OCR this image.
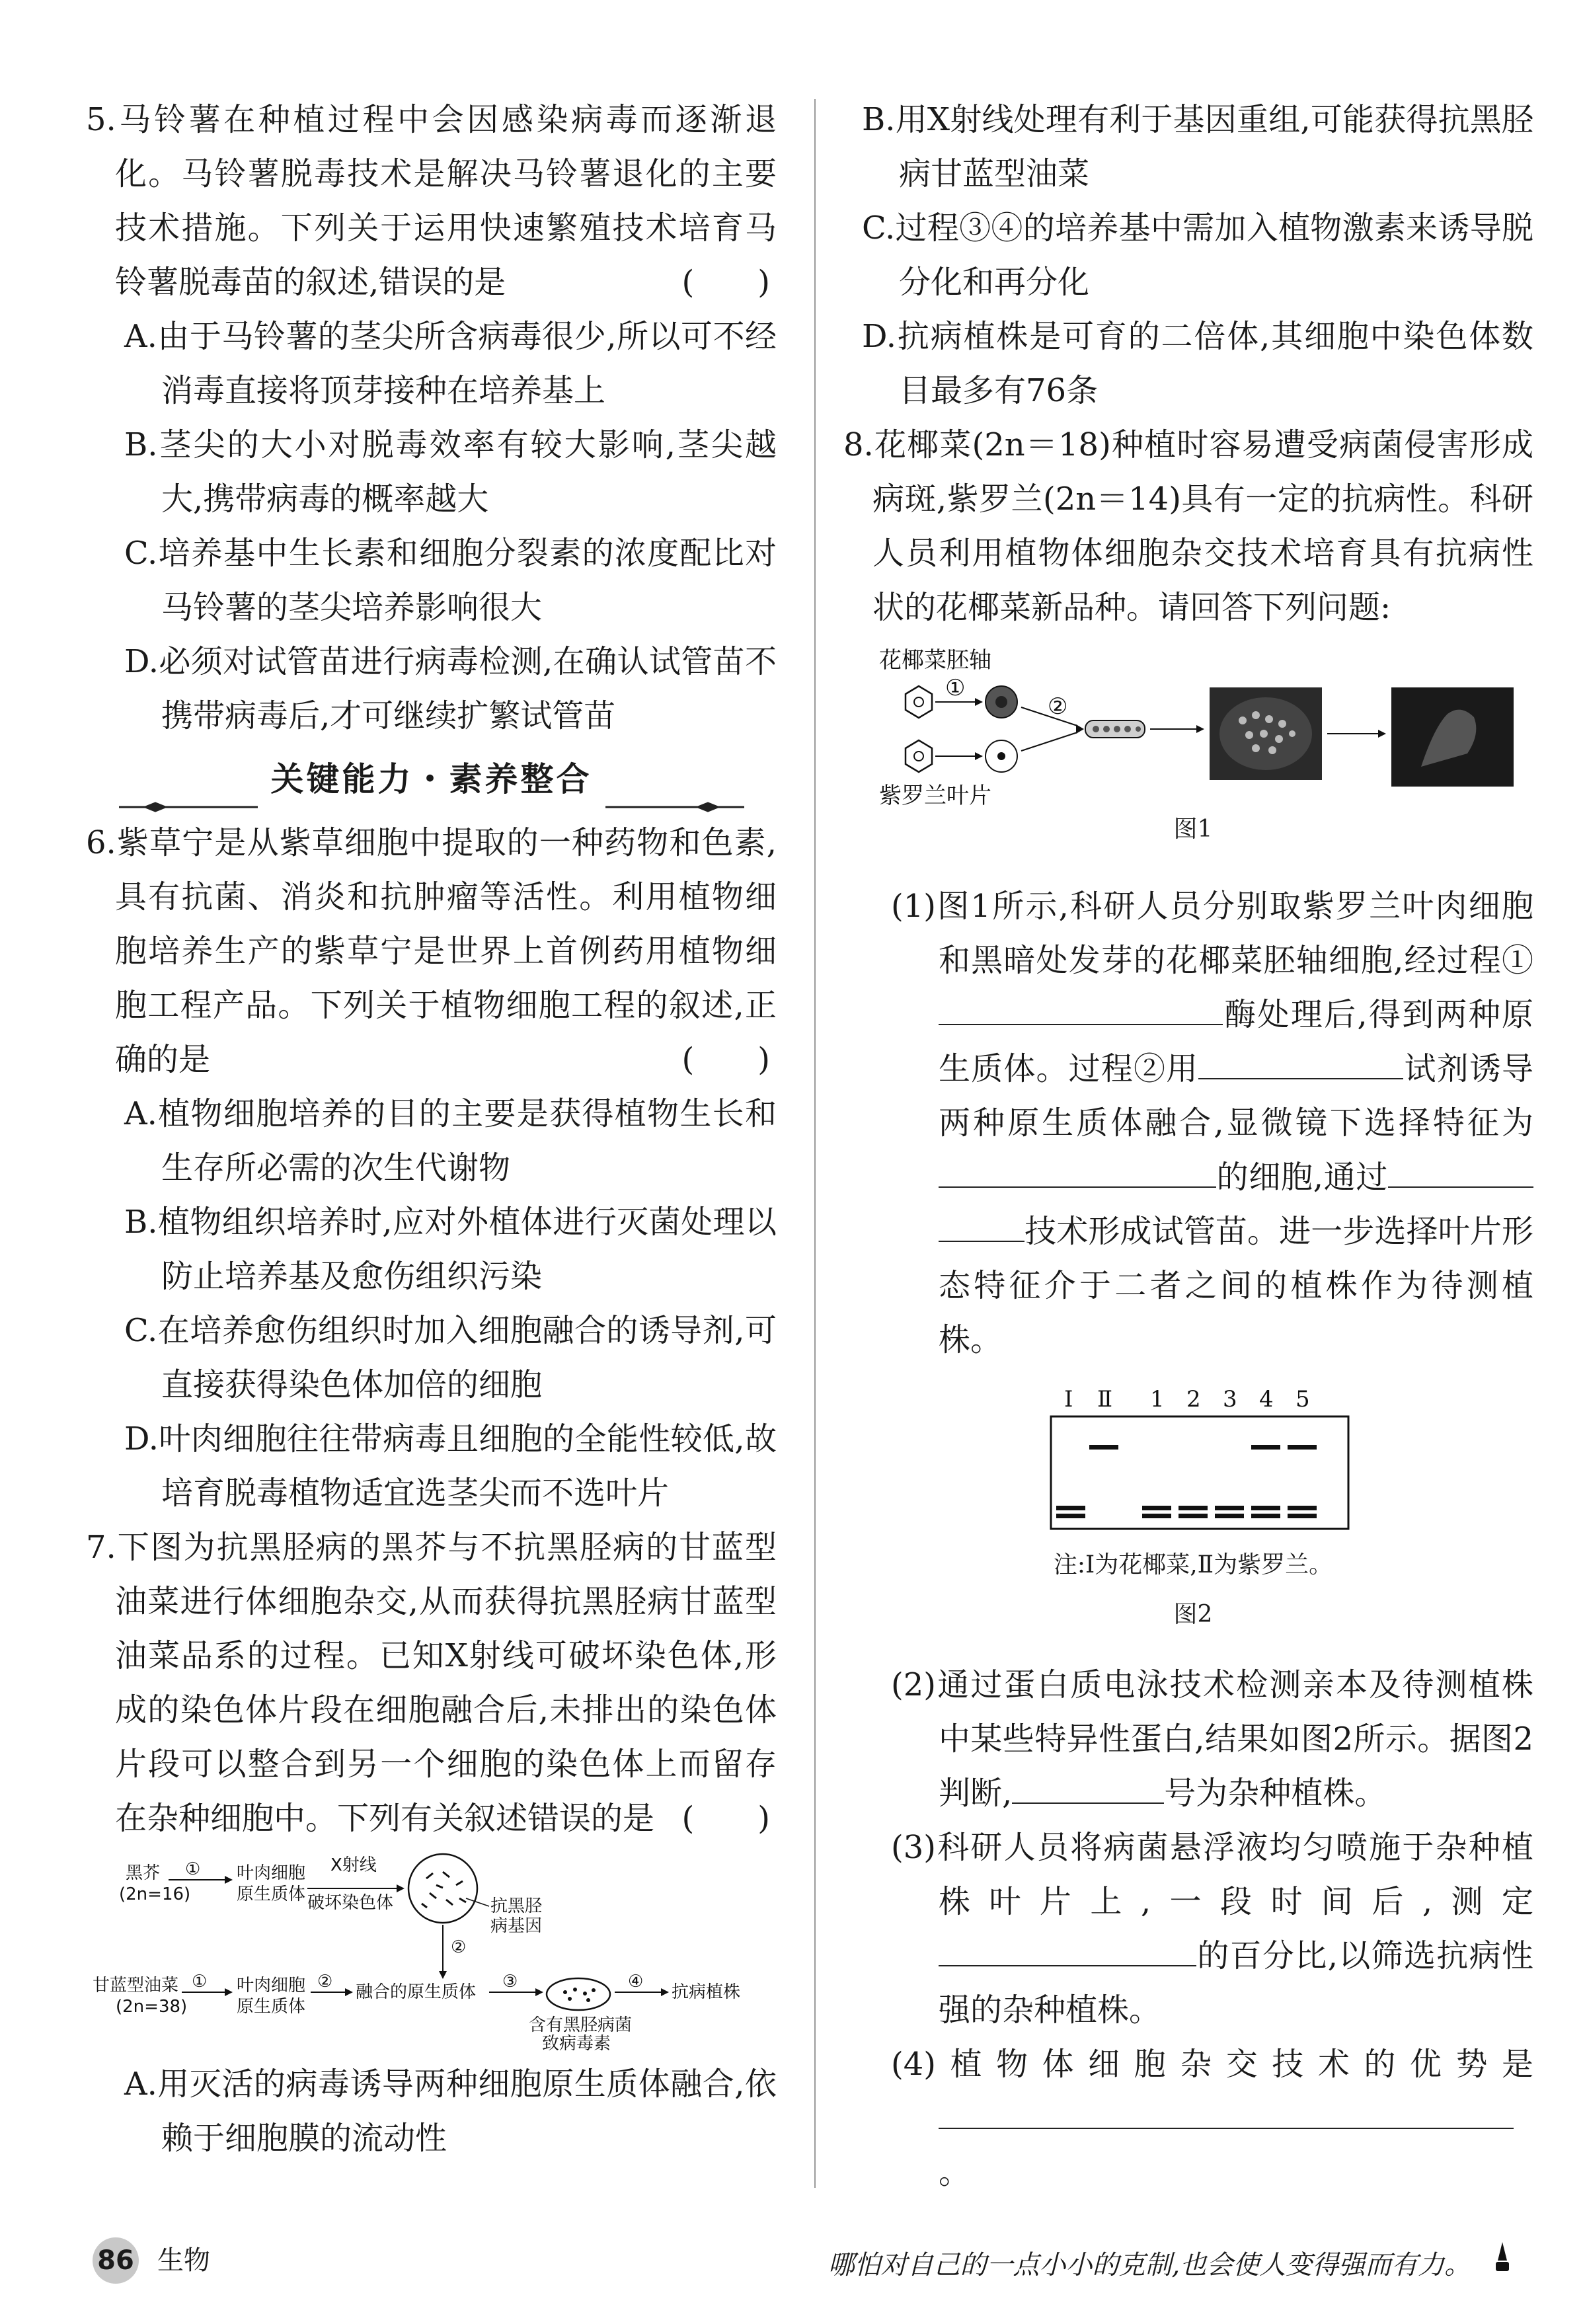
5.马铃薯在种植过程中会因感染病毒而逐渐退化。马铃薯脱毒技术是解决马铃薯退化的主要技术措施。下列关于运用快速繁殖技术培育马铃薯脱毒苗的叙述,错误的是	(　　)

A.由于马铃薯的茎尖所含病毒很少,所以可不经消毒直接将顶芽接种在培养基上

B.茎尖的大小对脱毒效率有较大影响,茎尖越大,携带病毒的概率越大

C.培养基中生长素和细胞分裂素的浓度配比对马铃薯的茎尖培养影响很大

D.必须对试管苗进行病毒检测,在确认试管苗不携带病毒后,才可继续扩繁试管苗

关键能力・素养整合

6.紫草宁是从紫草细胞中提取的一种药物和色素,具有抗菌、消炎和抗肿瘤等活性。利用植物细胞培养生产的紫草宁是世界上首例药用植物细胞工程产品。下列关于植物细胞工程的叙述,正确的是	(　　)

A.植物细胞培养的目的主要是获得植物生长和生存所必需的次生代谢物

B.植物组织培养时,应对外植体进行灭菌处理以防止培养基及愈伤组织污染

C.在培养愈伤组织时加入细胞融合的诱导剂,可直接获得染色体加倍的细胞

D.叶肉细胞往往带病毒且细胞的全能性较低,故培育脱毒植物适宜选茎尖而不选叶片

7.下图为抗黑胫病的黑芥与不抗黑胫病的甘蓝型油菜进行体细胞杂交,从而获得抗黑胫病甘蓝型油菜品系的过程。已知X射线可破坏染色体,形成的染色体片段在细胞融合后,未排出的染色体片段可以整合到另一个细胞的染色体上而留存在杂种细胞中。下列有关叙述错误的是 (　　)

黑芥
(2n=16)
① 叶肉细胞
原生质体
X射线
破坏染色体	抗黑胫
病基因
②
甘蓝型油菜
(2n=38)
① 叶肉细胞
原生质体
②
融合的原生质体
③	④
抗病植株
含有黑胫病菌
致病毒素

A.用灭活的病毒诱导两种细胞原生质体融合,依赖于细胞膜的流动性

B.用X射线处理有利于基因重组,可能获得抗黑胫病甘蓝型油菜

C.过程③④的培养基中需加入植物激素来诱导脱分化和再分化

D.抗病植株是可育的二倍体,其细胞中染色体数目最多有76条

8.花椰菜(2n＝18)种植时容易遭受病菌侵害形成病斑,紫罗兰(2n＝14)具有一定的抗病性。科研人员利用植物体细胞杂交技术培育具有抗病性状的花椰菜新品种。请回答下列问题:

花椰菜胚轴
①
②
紫罗兰叶片
图1

(1)图1所示,科研人员分别取紫罗兰叶肉细胞和黑暗处发芽的花椰菜胚轴细胞,经过程①酶处理后,得到两种原生质体。过程②用	试剂诱导两种原生质体融合,显微镜下选择特征为的细胞,通过技术形成试管苗。进一步选择叶片形态特征介于二者之间的植株作为待测植株。

Ⅰ Ⅱ 1 2 3 4 5
注:Ⅰ为花椰菜,Ⅱ为紫罗兰。
图2

(2)通过蛋白质电泳技术检测亲本及待测植株中某些特异性蛋白,结果如图2所示。据图2判断,	号为杂种植株。

(3)科研人员将病菌悬浮液均匀喷施于杂种植株叶片上,一段时间后,测定的百分比,以筛选抗病性强的杂种植株。

(4)植物体细胞杂交技术的优势是。

86 生物	哪怕对自己的一点小小的克制,也会使人变得强而有力。
